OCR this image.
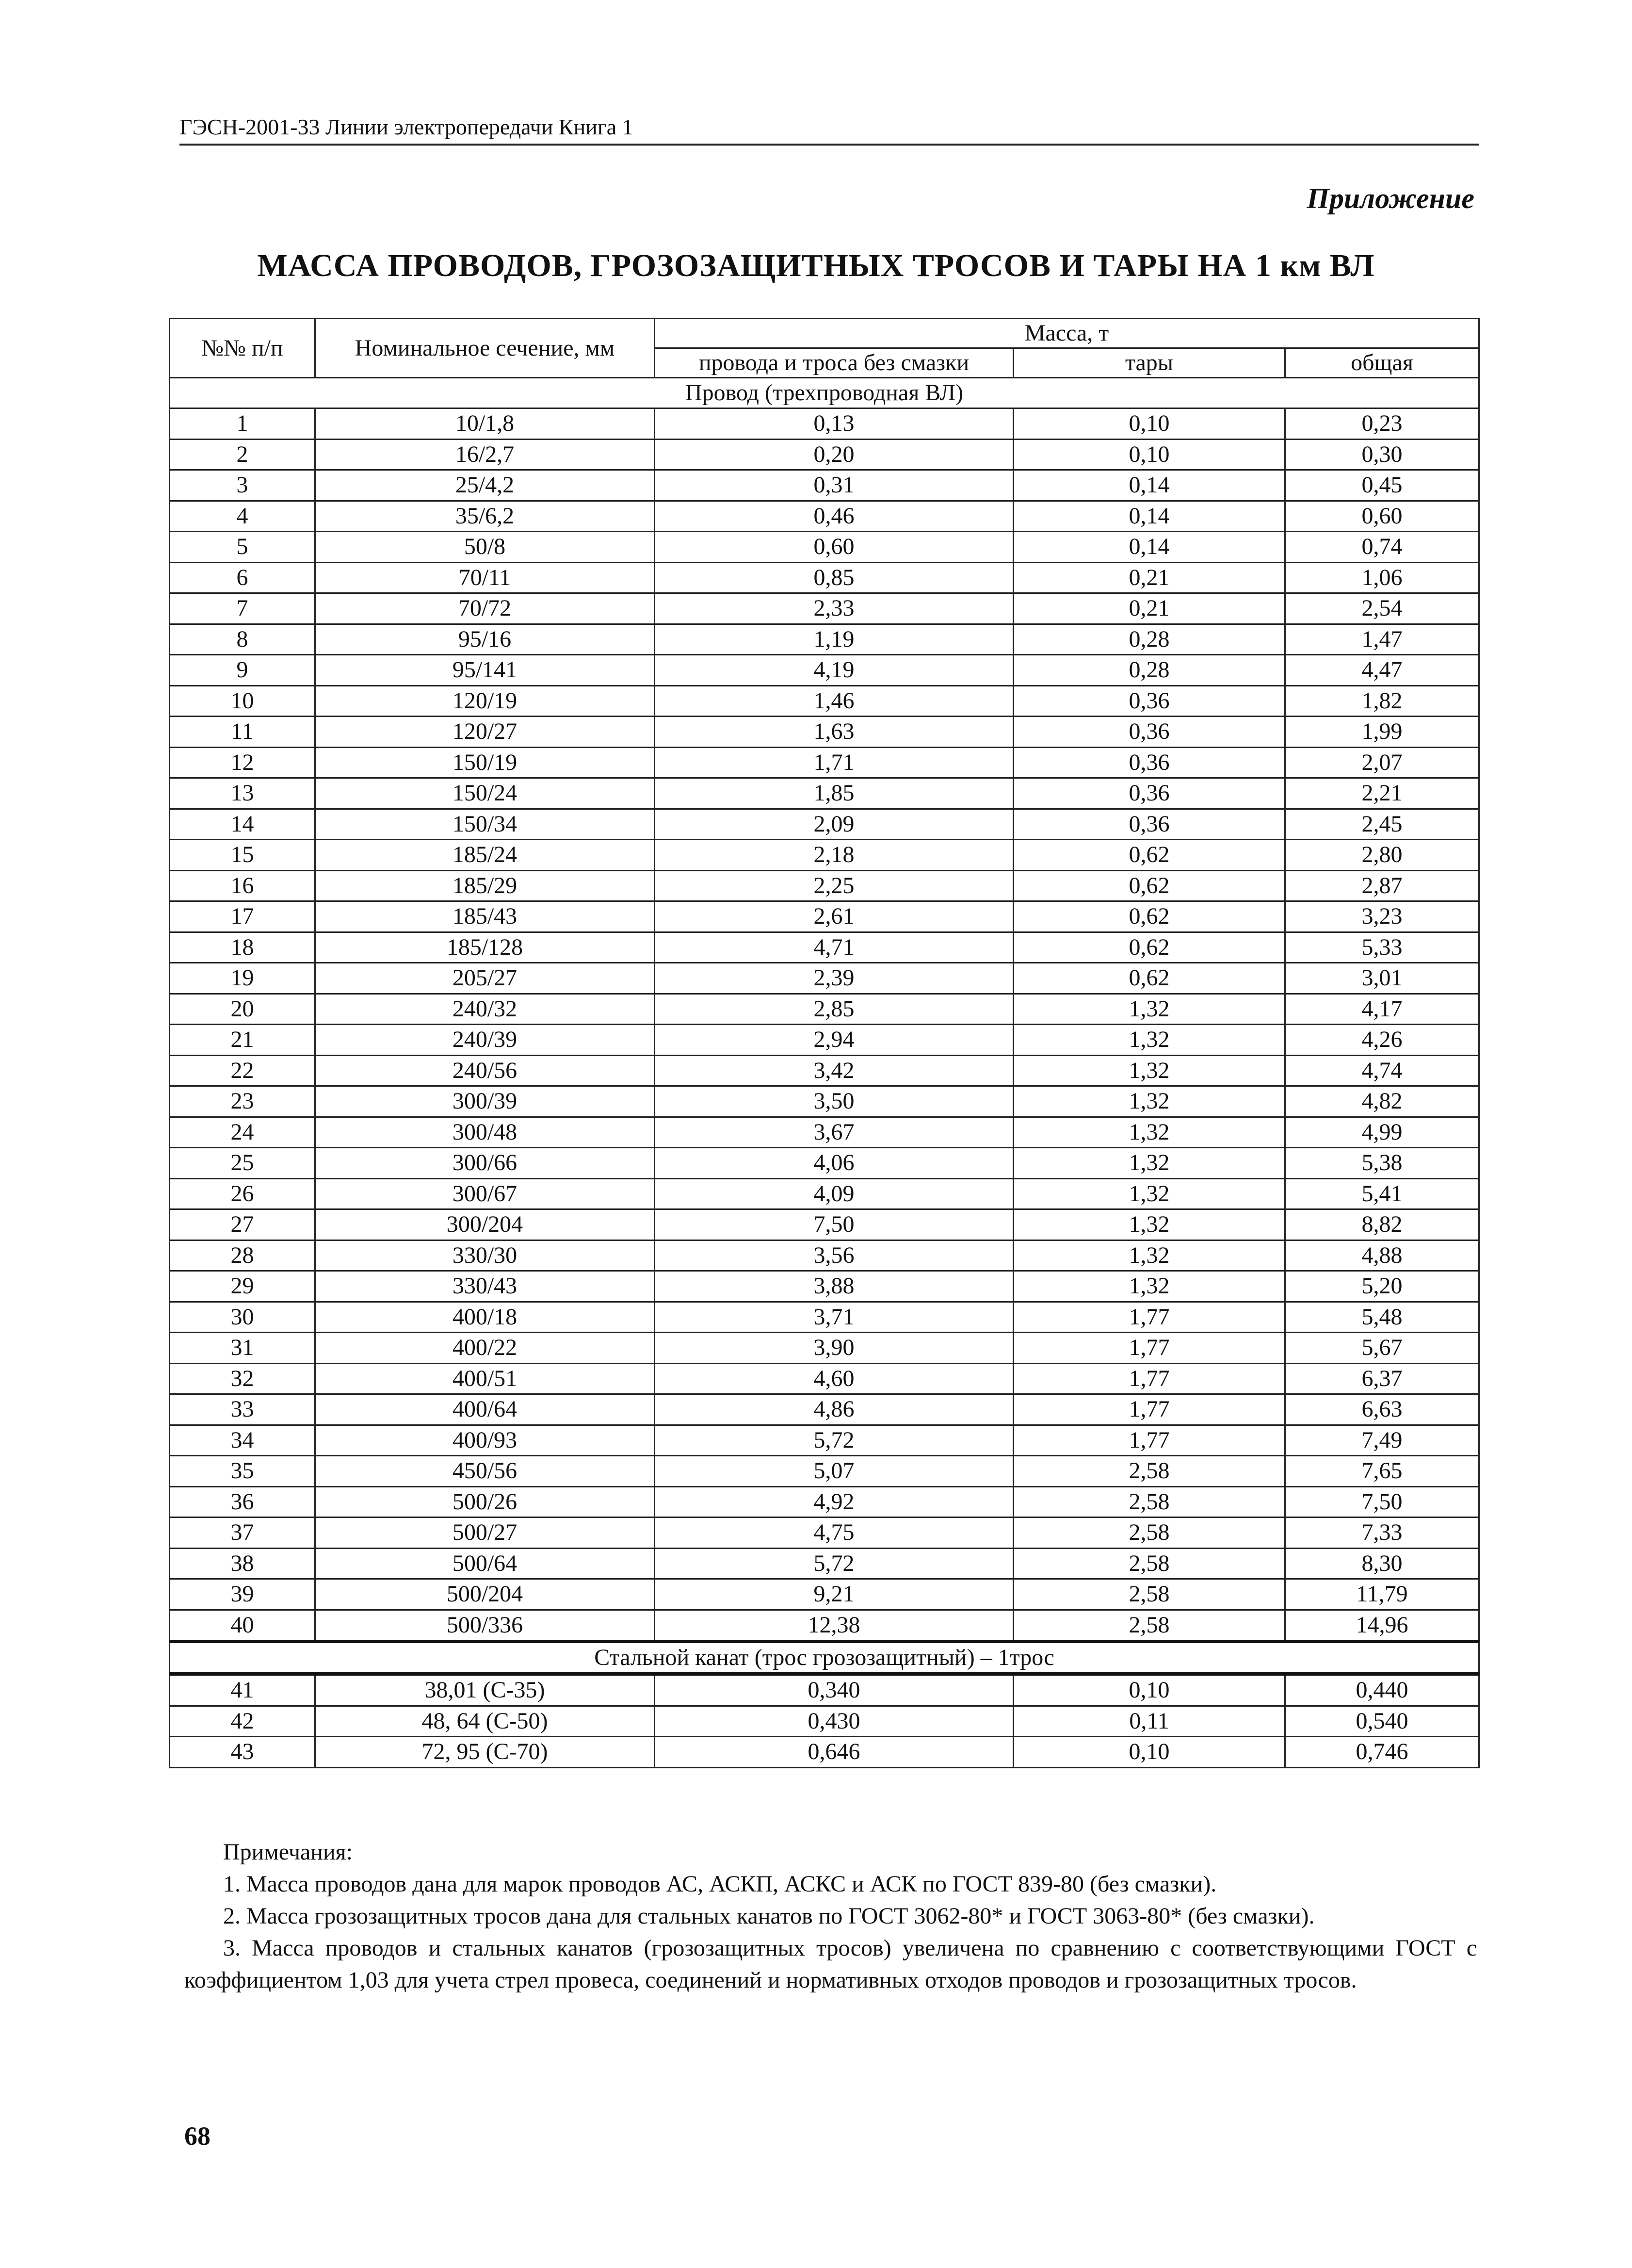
ГЭСН-2001-33 Линии электропередачи Книга 1
Приложение
МАССА ПРОВОДОВ, ГРОЗОЗАЩИТНЫХ ТРОСОВ И ТАРЫ НА 1 км ВЛ
№№ п/п	Номинальное сечение, мм	Масса, т		
		провода и троса без смазки	тары	общая
Провод (трехпроводная ВЛ)				
1	10/1,8	0,13	0,10	0,23
2	16/2,7	0,20	0,10	0,30
3	25/4,2	0,31	0,14	0,45
4	35/6,2	0,46	0,14	0,60
5	50/8	0,60	0,14	0,74
6	70/11	0,85	0,21	1,06
7	70/72	2,33	0,21	2,54
8	95/16	1,19	0,28	1,47
9	95/141	4,19	0,28	4,47
10	120/19	1,46	0,36	1,82
11	120/27	1,63	0,36	1,99
12	150/19	1,71	0,36	2,07
13	150/24	1,85	0,36	2,21
14	150/34	2,09	0,36	2,45
15	185/24	2,18	0,62	2,80
16	185/29	2,25	0,62	2,87
17	185/43	2,61	0,62	3,23
18	185/128	4,71	0,62	5,33
19	205/27	2,39	0,62	3,01
20	240/32	2,85	1,32	4,17
21	240/39	2,94	1,32	4,26
22	240/56	3,42	1,32	4,74
23	300/39	3,50	1,32	4,82
24	300/48	3,67	1,32	4,99
25	300/66	4,06	1,32	5,38
26	300/67	4,09	1,32	5,41
27	300/204	7,50	1,32	8,82
28	330/30	3,56	1,32	4,88
29	330/43	3,88	1,32	5,20
30	400/18	3,71	1,77	5,48
31	400/22	3,90	1,77	5,67
32	400/51	4,60	1,77	6,37
33	400/64	4,86	1,77	6,63
34	400/93	5,72	1,77	7,49
35	450/56	5,07	2,58	7,65
36	500/26	4,92	2,58	7,50
37	500/27	4,75	2,58	7,33
38	500/64	5,72	2,58	8,30
39	500/204	9,21	2,58	11,79
40	500/336	12,38	2,58	14,96
Стальной канат (трос грозозащитный) – 1трос				
41	38,01 (С-35)	0,340	0,10	0,440
42	48, 64 (С-50)	0,430	0,11	0,540
43	72, 95 (С-70)	0,646	0,10	0,746

Примечания:

1. Масса проводов дана для марок проводов АС, АСКП, АСКС и АСК по ГОСТ 839-80 (без смазки).

2. Масса грозозащитных тросов дана для стальных канатов по ГОСТ 3062-80* и ГОСТ 3063-80* (без смазки).

3. Масса проводов и стальных канатов (грозозащитных тросов) увеличена по сравнению с соответствующими ГОСТ с коэффициентом 1,03 для учета стрел провеса, соединений и нормативных отходов проводов и грозозащитных тросов.

68
